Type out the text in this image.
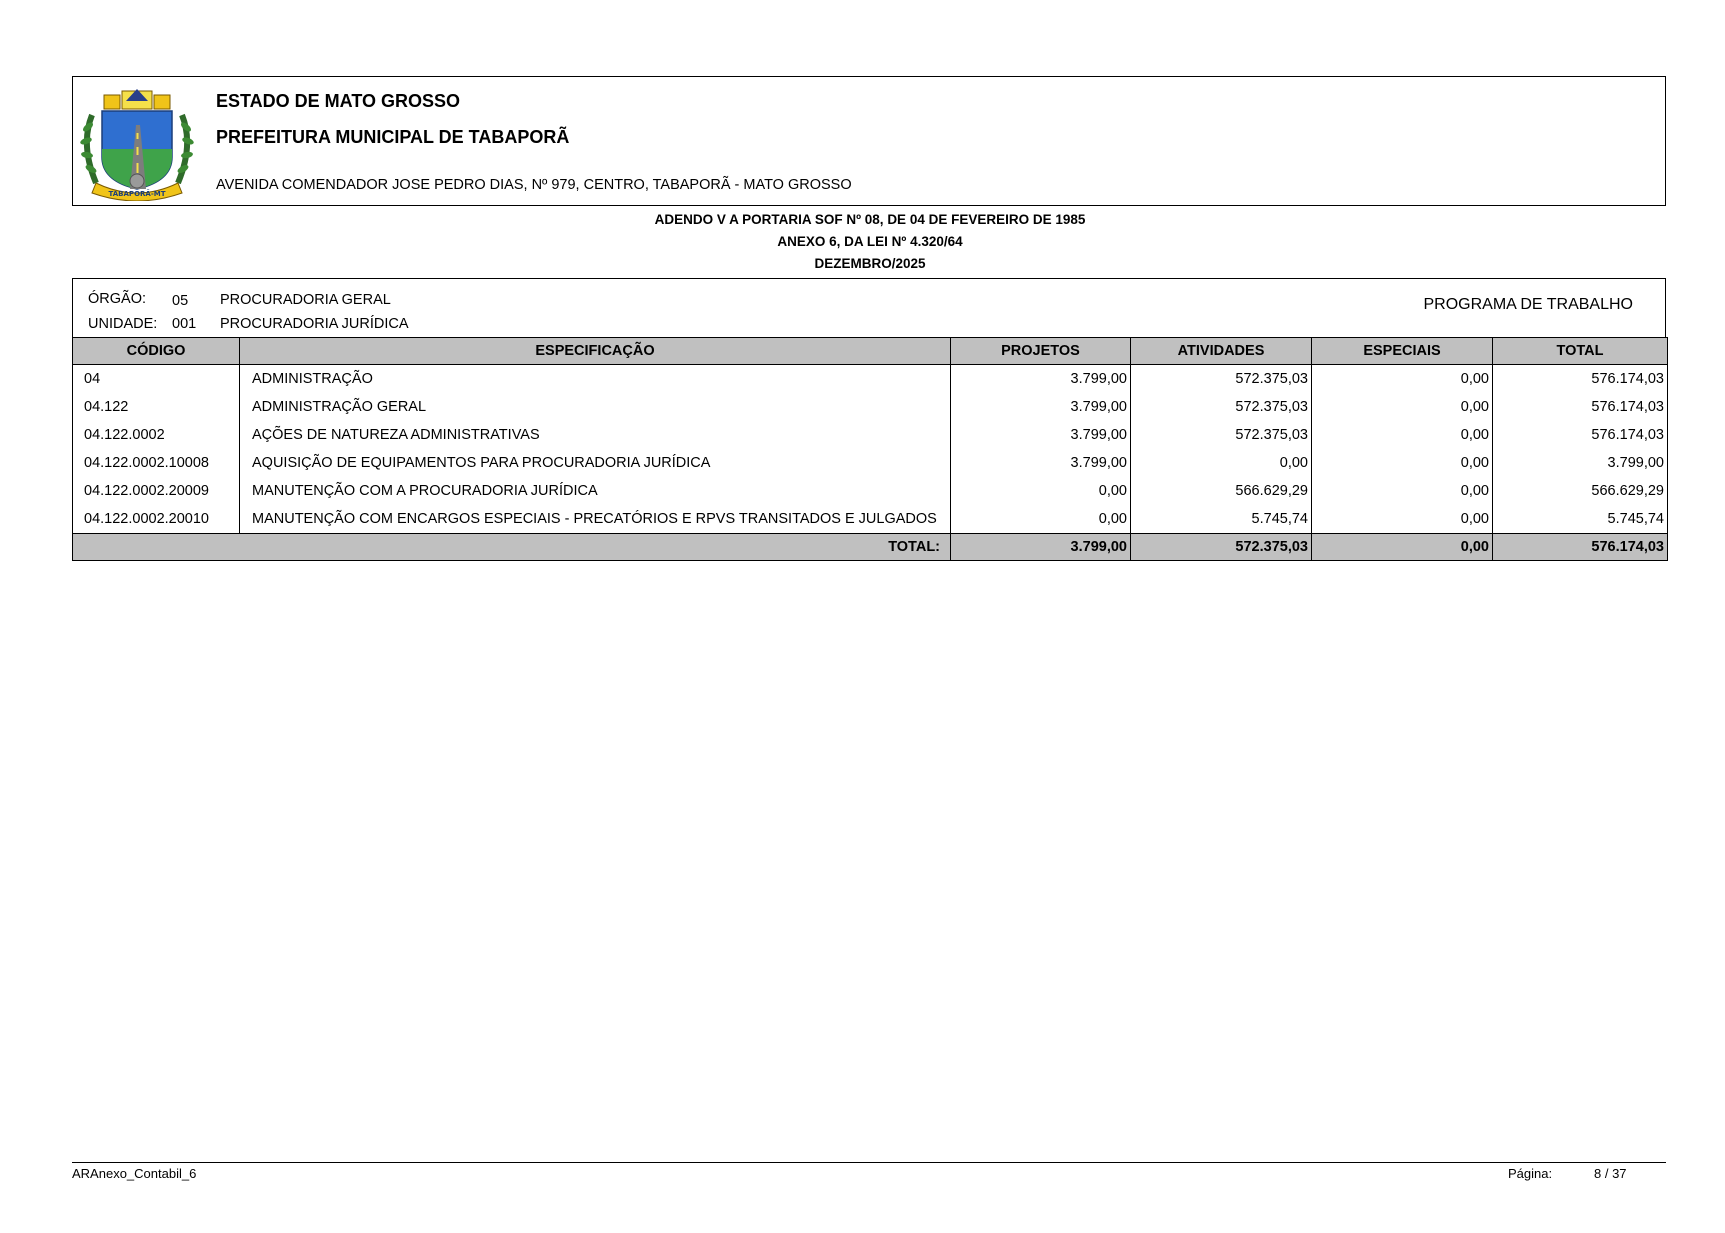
TABAPORÃ-MT
ESTADO DE MATO GROSSO
PREFEITURA MUNICIPAL DE TABAPORÃ
AVENIDA COMENDADOR JOSE PEDRO DIAS, Nº 979, CENTRO, TABAPORÃ - MATO GROSSO
ADENDO V A PORTARIA SOF Nº 08, DE 04 DE FEVEREIRO DE 1985
ANEXO 6, DA LEI Nº 4.320/64
DEZEMBRO/2025
ÓRGÃO: 05 PROCURADORIA GERAL
UNIDADE: 001 PROCURADORIA JURÍDICA
PROGRAMA DE TRABALHO
CÓDIGO	ESPECIFICAÇÃO	PROJETOS	ATIVIDADES	ESPECIAIS	TOTAL
04	ADMINISTRAÇÃO	3.799,00	572.375,03	0,00	576.174,03
04.122	ADMINISTRAÇÃO GERAL	3.799,00	572.375,03	0,00	576.174,03
04.122.0002	AÇÕES DE NATUREZA ADMINISTRATIVAS	3.799,00	572.375,03	0,00	576.174,03
04.122.0002.10008	AQUISIÇÃO DE EQUIPAMENTOS PARA PROCURADORIA JURÍDICA	3.799,00	0,00	0,00	3.799,00
04.122.0002.20009	MANUTENÇÃO COM A PROCURADORIA JURÍDICA	0,00	566.629,29	0,00	566.629,29
04.122.0002.20010	MANUTENÇÃO COM ENCARGOS ESPECIAIS - PRECATÓRIOS E RPVS TRANSITADOS E JULGADOS	0,00	5.745,74	0,00	5.745,74
TOTAL:		3.799,00	572.375,03	0,00	576.174,03
ARAnexo_Contabil_6	Página:	8 / 37
